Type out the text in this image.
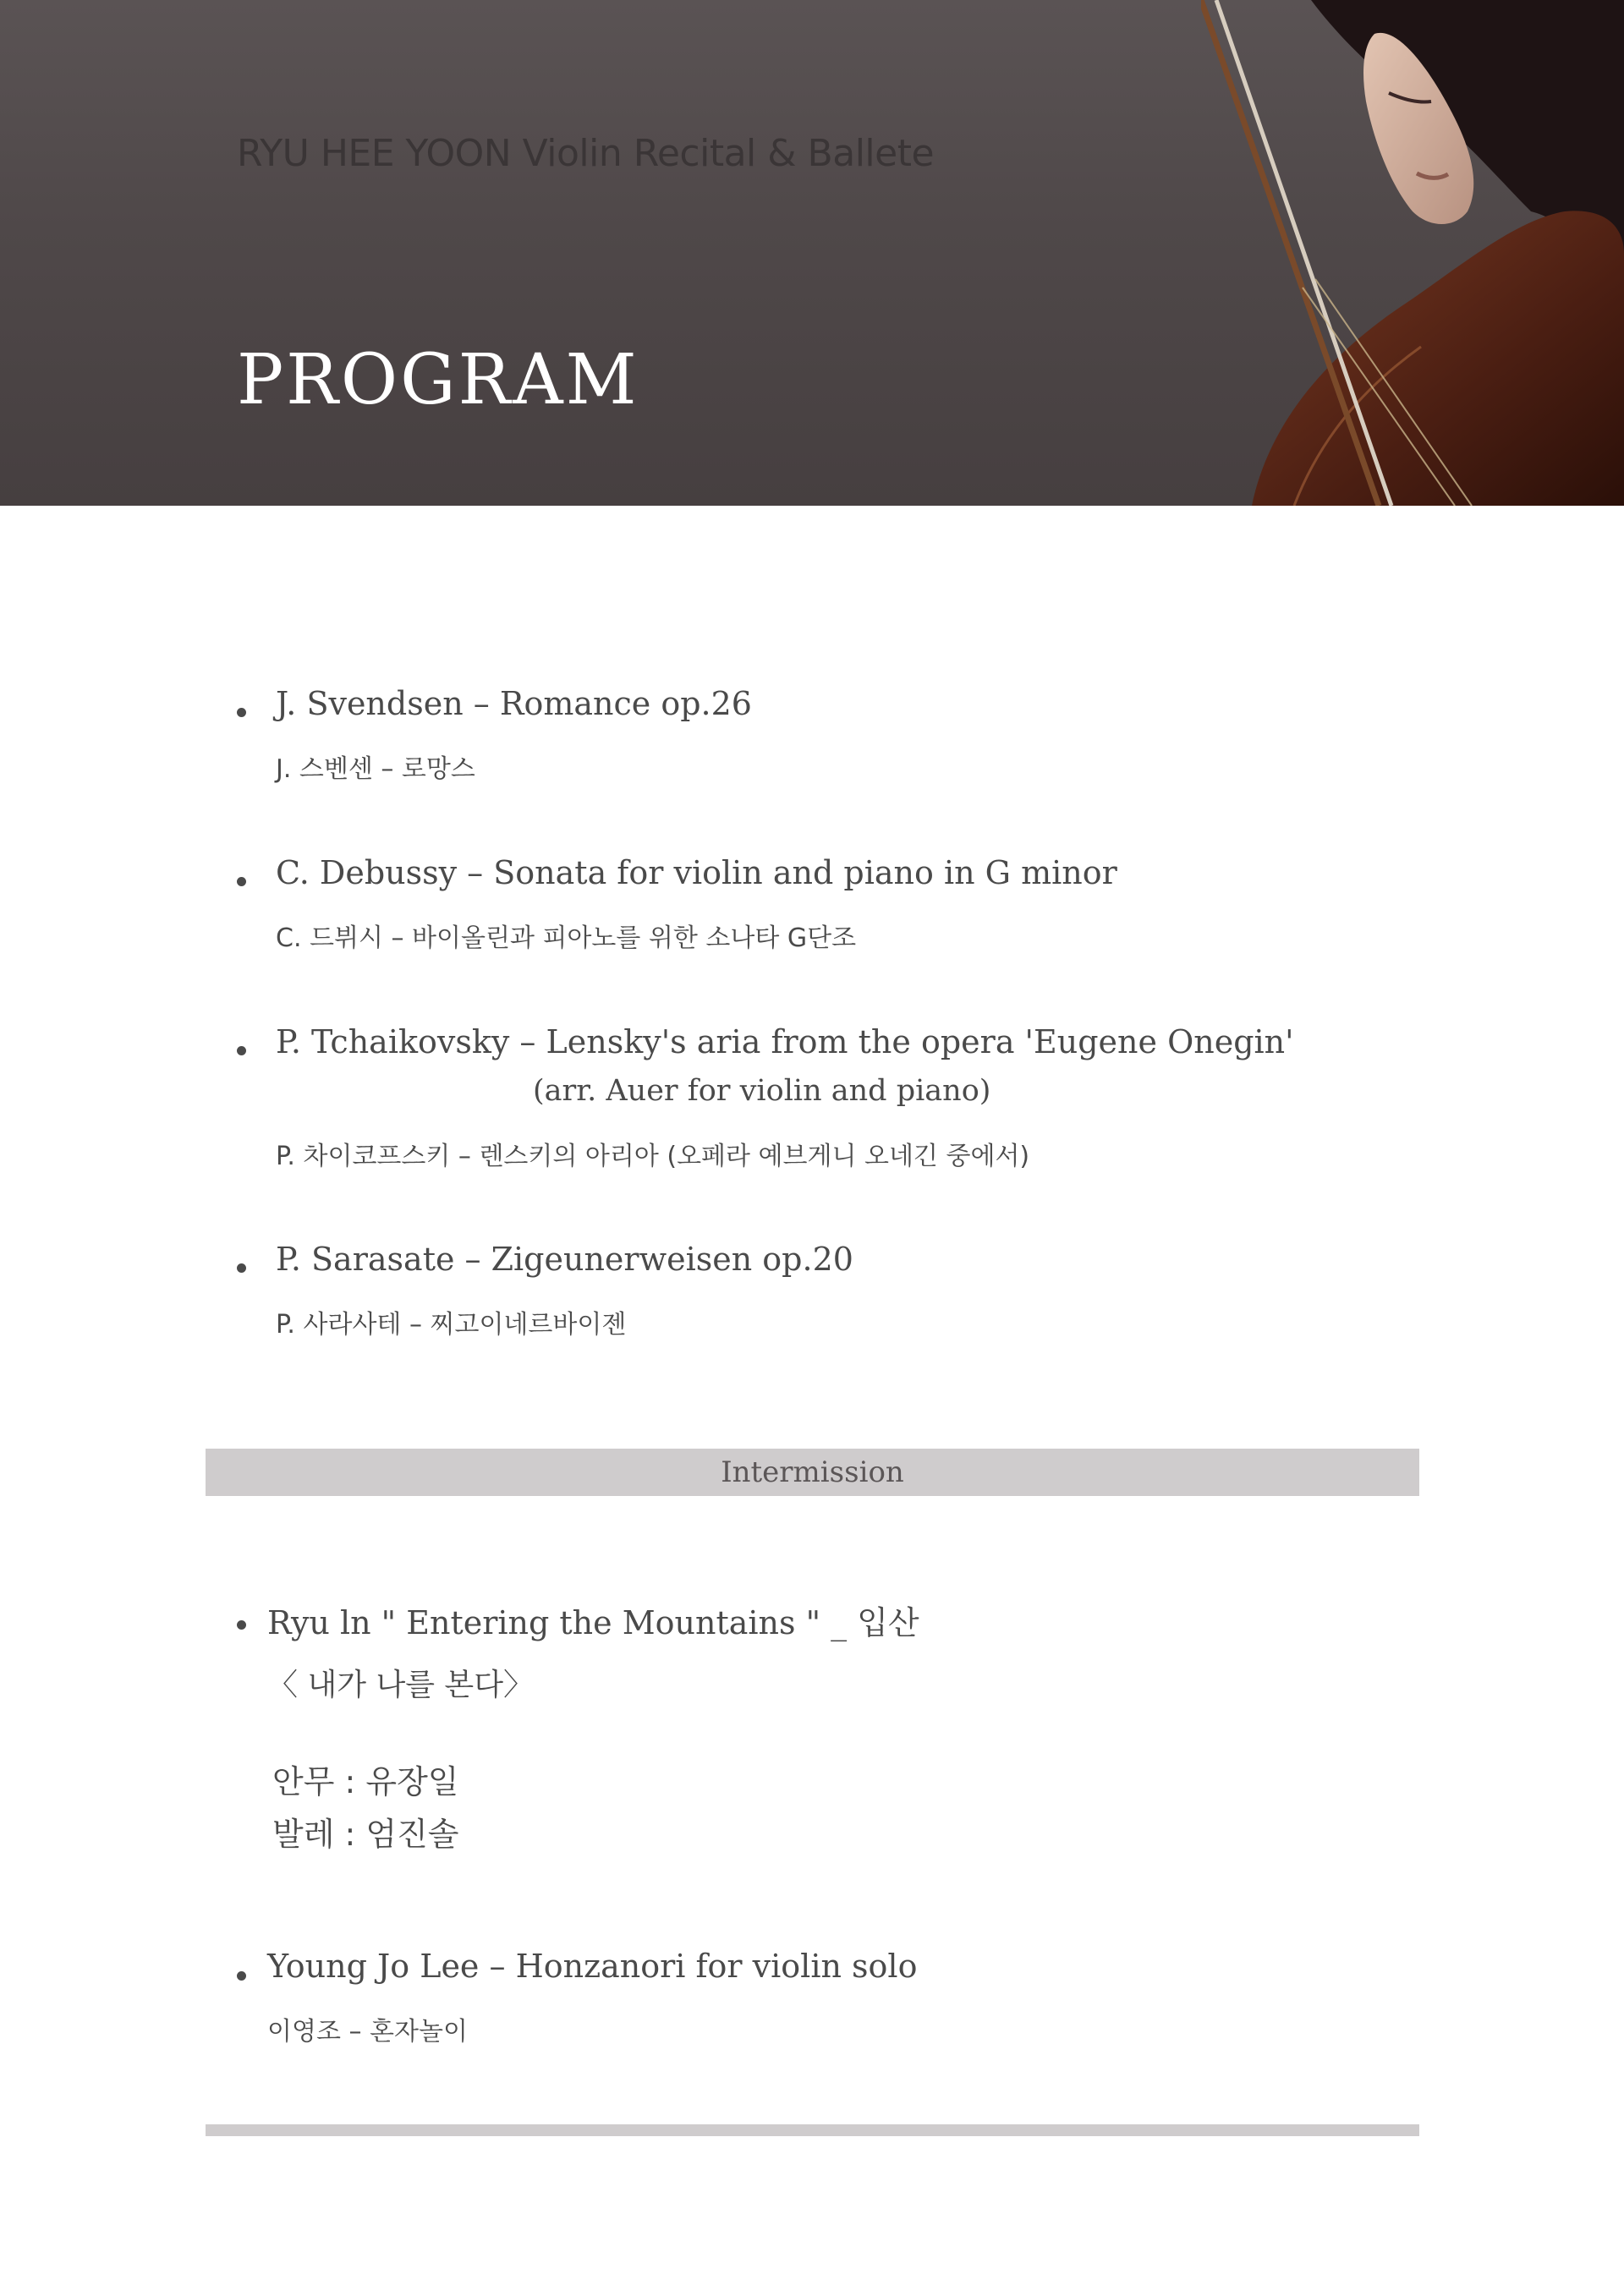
RYU HEE YOON Violin Recital & Ballete
PROGRAM
J. Svendsen – Romance op.26
J. 스벤센 – 로망스
C. Debussy – Sonata for violin and piano in G minor
C. 드뷔시 – 바이올린과 피아노를 위한 소나타 G단조
P. Tchaikovsky – Lensky's aria from the opera 'Eugene Onegin'
(arr. Auer for violin and piano)
P. 차이코프스키 – 렌스키의 아리아 (오페라 예브게니 오네긴 중에서)
P. Sarasate – Zigeunerweisen op.20
P. 사라사테 – 찌고이네르바이젠
Intermission
Ryu ln " Entering the Mountains " _ 입산
〈 내가 나를 본다〉
안무 : 유장일
발레 : 엄진솔
Young Jo Lee – Honzanori for violin solo
이영조 – 혼자놀이
